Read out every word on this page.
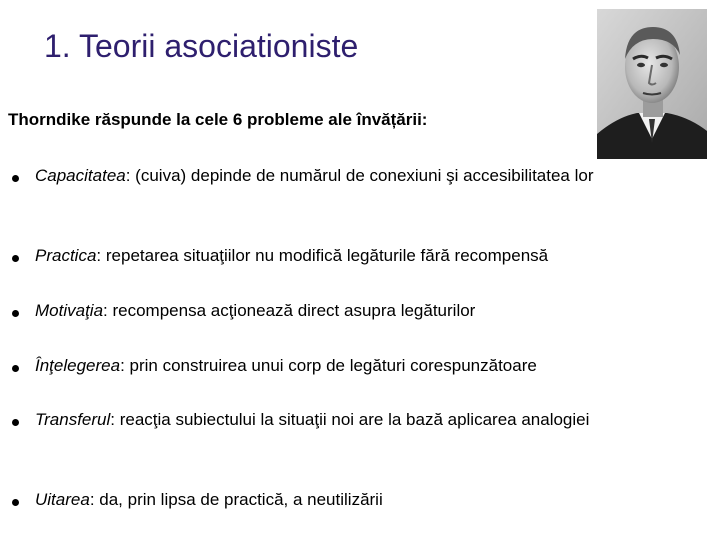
1. Teorii asociationiste
Thorndike răspunde la cele 6 probleme ale învățării:
Capacitatea: (cuiva) depinde de numărul de conexiuni şi accesibilitatea lor
Practica: repetarea situaţiilor nu modifică legăturile fără recompensă
Motivaţia: recompensa acţionează direct asupra legăturilor
Înţelegerea: prin construirea unui corp de legături corespunzătoare
Transferul: reacţia subiectului la situaţii noi are la bază aplicarea analogiei
Uitarea: da, prin lipsa de practică, a neutilizării
